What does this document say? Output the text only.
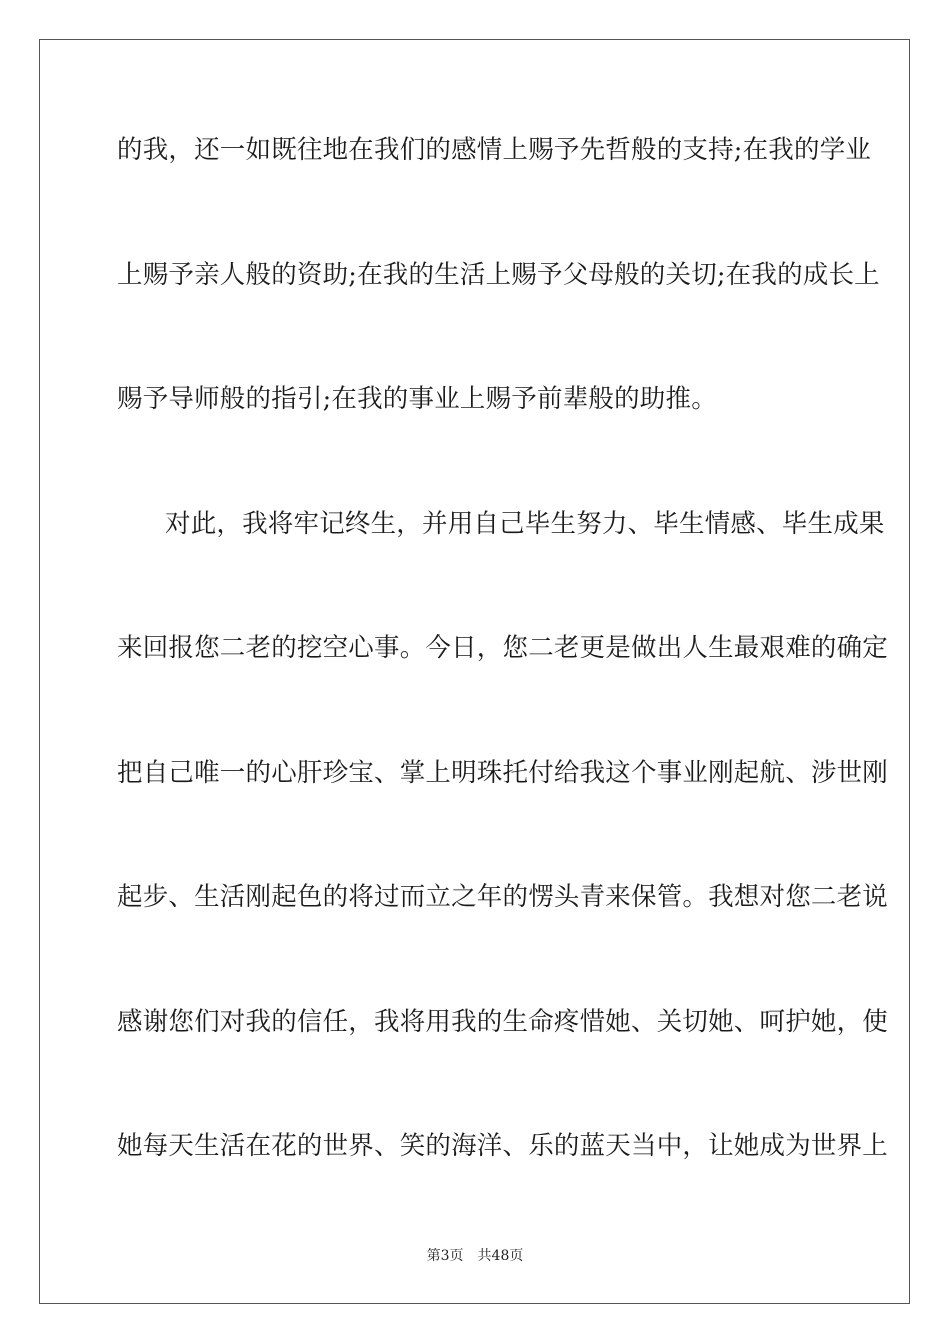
的我，还一如既往地在我们的感情上赐予先哲般的支持;在我的学业
上赐予亲人般的资助;在我的生活上赐予父母般的关切;在我的成长上
赐予导师般的指引;在我的事业上赐予前辈般的助推。
对此，我将牢记终生，并用自己毕生努力、毕生情感、毕生成果
来回报您二老的挖空心事。今日，您二老更是做出人生最艰难的确定
把自己唯一的心肝珍宝、掌上明珠托付给我这个事业刚起航、涉世刚
起步、生活刚起色的将过而立之年的愣头青来保管。我想对您二老说
感谢您们对我的信任，我将用我的生命疼惜她、关切她、呵护她，使
她每天生活在花的世界、笑的海洋、乐的蓝天当中，让她成为世界上
第3页 共48页
